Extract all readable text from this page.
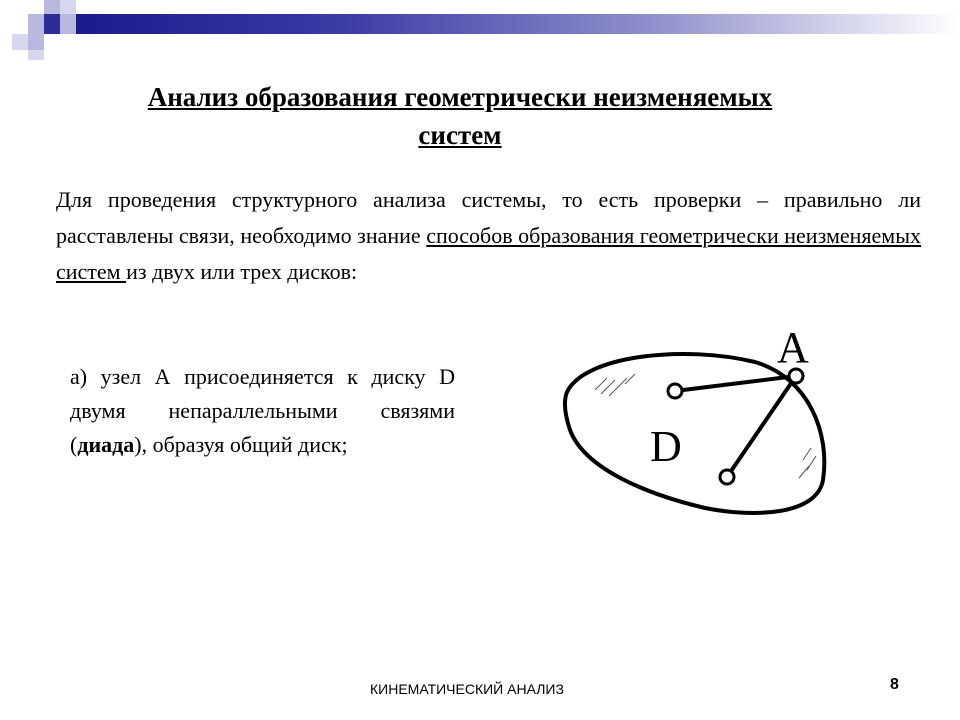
Анализ образования геометрически неизменяемых
систем
Для проведения структурного анализа системы, то есть проверки – правильно ли расставлены связи, необходимо знание способов образования геометрически неизменяемых систем из двух или трех дисков:
а) узел А присоединяется к диску D двумя непараллельными связями (диада), образуя общий диск;
A
D
КИНЕМАТИЧЕСКИЙ АНАЛИЗ	8
